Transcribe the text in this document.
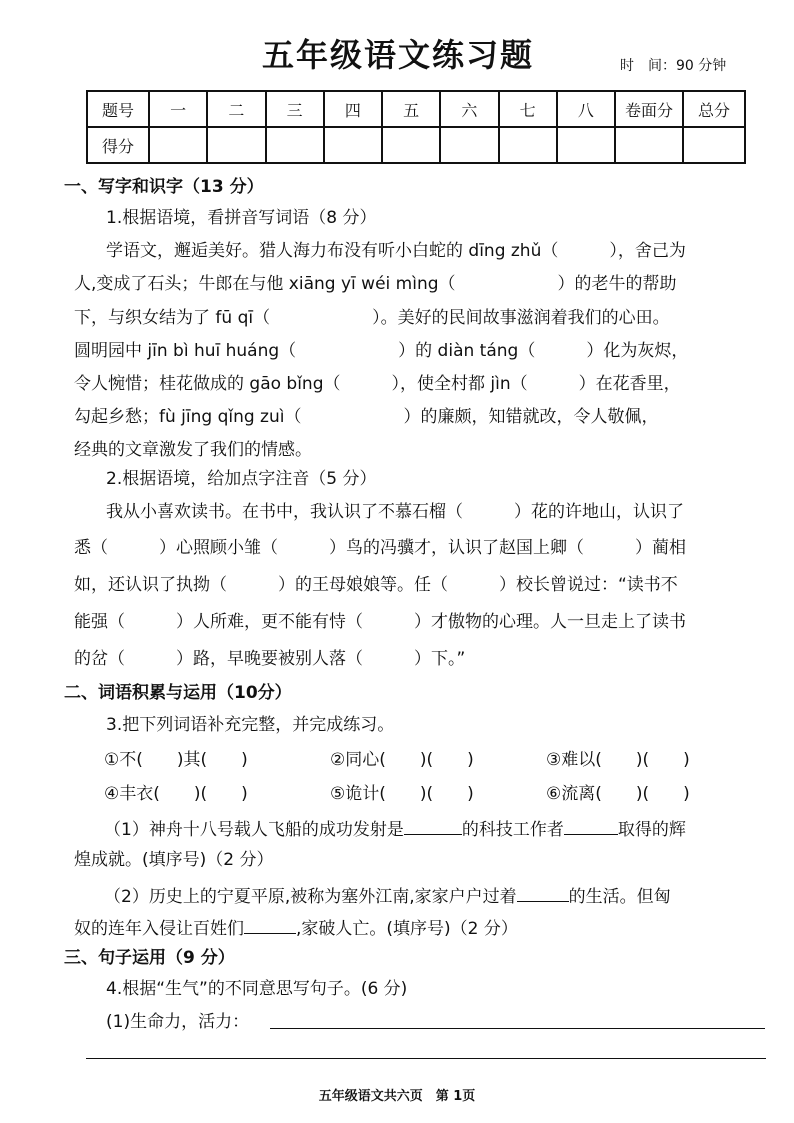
五年级语文练习题	时　间：90 分钟
题号	一	二	三	四	五	六	七	八	卷面分	总分
得分										
一、写字和识字（13 分）
1.根据语境，看拼音写词语（8 分）
学语文，邂逅美好。猎人海力布没有听小白蛇的 dīng zhǔ（　　　），舍己为
人,变成了石头；牛郎在与他 xiāng yī wéi mìng（　　　　　　）的老牛的帮助
下，与织女结为了 fū qī（　　　　　　）。美好的民间故事滋润着我们的心田。
圆明园中 jīn bì huī huáng（　　　　　　）的 diàn táng（　　　）化为灰烬，
令人惋惜；桂花做成的 gāo bǐng（　　　），使全村都 jìn（　　　）在花香里，
勾起乡愁；fù jīng qǐng zuì（　　　　　　）的廉颇，知错就改，令人敬佩，
经典的文章激发了我们的情感。
2.根据语境，给加点字注音（5 分）
我从小喜欢读书。在书中，我认识了不慕石榴（　　　）花的许地山，认识了
悉（　　　）心照顾小雏（　　　）鸟的冯骥才，认识了赵国上卿（　　　）蔺相
如，还认识了执拗（　　　）的王母娘娘等。任（　　　）校长曾说过：“读书不
能强（　　　）人所难，更不能有恃（　　　）才傲物的心理。人一旦走上了读书
的岔（　　　）路，早晚要被别人落（　　　）下。”
二、词语积累与运用（10分）
3.把下列词语补充完整，并完成练习。
①不(　　)其(　　)	②同心(　　)(　　)	③难以(　　)(　　)
④丰衣(　　)(　　)	⑤诡计(　　)(　　)	⑥流离(　　)(　　)
（1）神舟十八号载人飞船的成功发射是	的科技工作者	取得的辉
煌成就。(填序号)（2 分）
（2）历史上的宁夏平原,被称为塞外江南,家家户户过着	的生活。但匈
奴的连年入侵让百姓们	,家破人亡。(填序号)（2 分）
三、句子运用（9 分）
4.根据“生气”的不同意思写句子。(6 分)
(1)生命力，活力：
五年级语文共六页　第 1页
